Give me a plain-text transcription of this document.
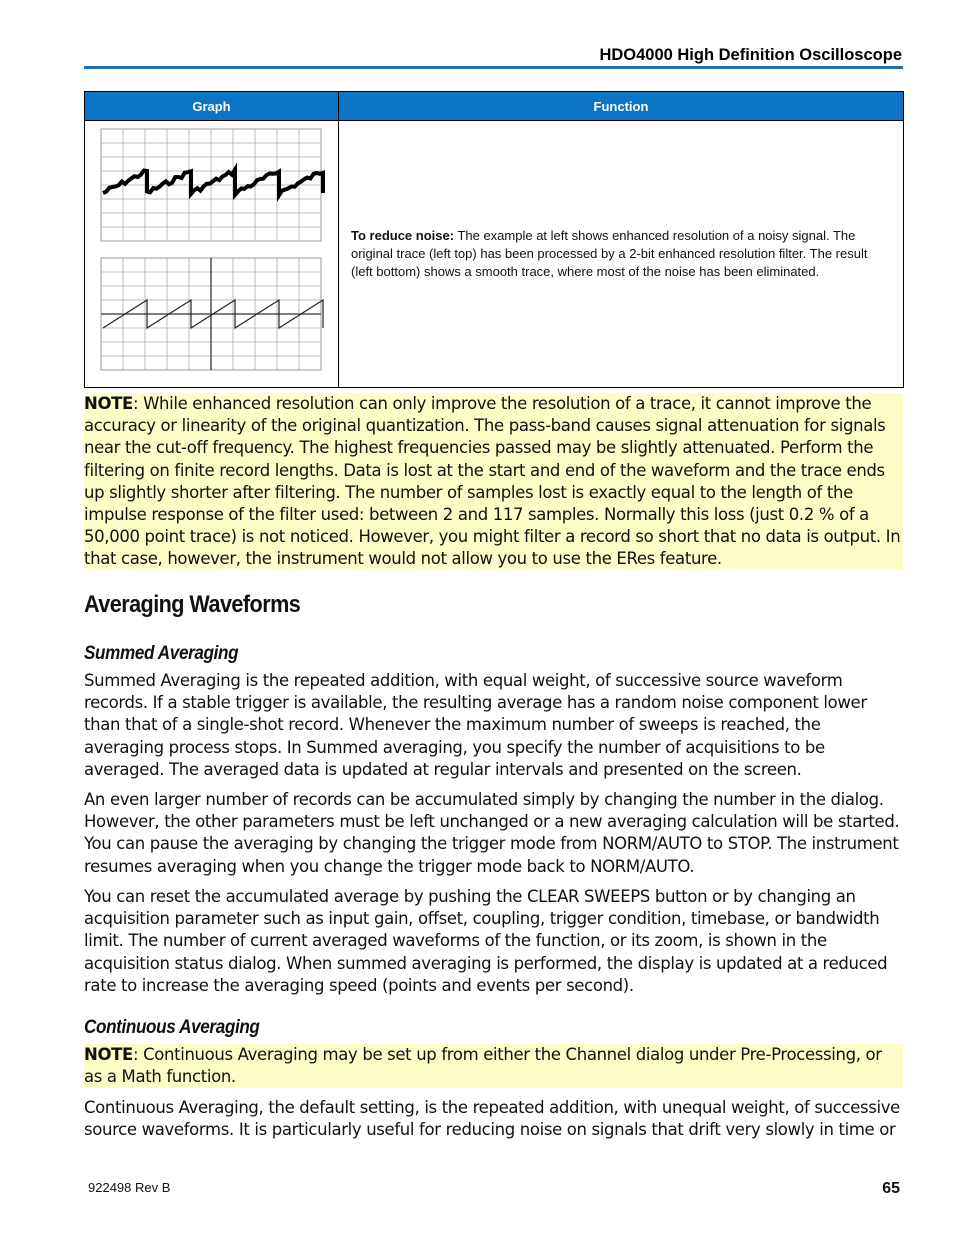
HDO4000 High Definition Oscilloscope
Graph	Function

To reduce noise: The example at left shows enhanced resolution of a noisy signal. The original trace (left top) has been processed by a 2-bit enhanced resolution filter. The result (left bottom) shows a smooth trace, where most of the noise has been eliminated.
NOTE: While enhanced resolution can only improve the resolution of a trace, it cannot improve the accuracy or linearity of the original quantization. The pass-band causes signal attenuation for signals near the cut-off frequency. The highest frequencies passed may be slightly attenuated. Perform the filtering on finite record lengths. Data is lost at the start and end of the waveform and the trace ends up slightly shorter after filtering. The number of samples lost is exactly equal to the length of the impulse response of the filter used: between 2 and 117 samples. Normally this loss (just 0.2 % of a 50,000 point trace) is not noticed. However, you might filter a record so short that no data is output. In that case, however, the instrument would not allow you to use the ERes feature.
Averaging Waveforms
Summed Averaging
Summed Averaging is the repeated addition, with equal weight, of successive source waveform records. If a stable trigger is available, the resulting average has a random noise component lower than that of a single-shot record. Whenever the maximum number of sweeps is reached, the averaging process stops. In Summed averaging, you specify the number of acquisitions to be averaged. The averaged data is updated at regular intervals and presented on the screen.
An even larger number of records can be accumulated simply by changing the number in the dialog. However, the other parameters must be left unchanged or a new averaging calculation will be started. You can pause the averaging by changing the trigger mode from NORM/AUTO to STOP. The instrument resumes averaging when you change the trigger mode back to NORM/AUTO.
You can reset the accumulated average by pushing the CLEAR SWEEPS button or by changing an acquisition parameter such as input gain, offset, coupling, trigger condition, timebase, or bandwidth limit. The number of current averaged waveforms of the function, or its zoom, is shown in the acquisition status dialog. When summed averaging is performed, the display is updated at a reduced rate to increase the averaging speed (points and events per second).
Continuous Averaging
NOTE: Continuous Averaging may be set up from either the Channel dialog under Pre-Processing, or as a Math function.
Continuous Averaging, the default setting, is the repeated addition, with unequal weight, of successive source waveforms. It is particularly useful for reducing noise on signals that drift very slowly in time or
922498 Rev B	65
